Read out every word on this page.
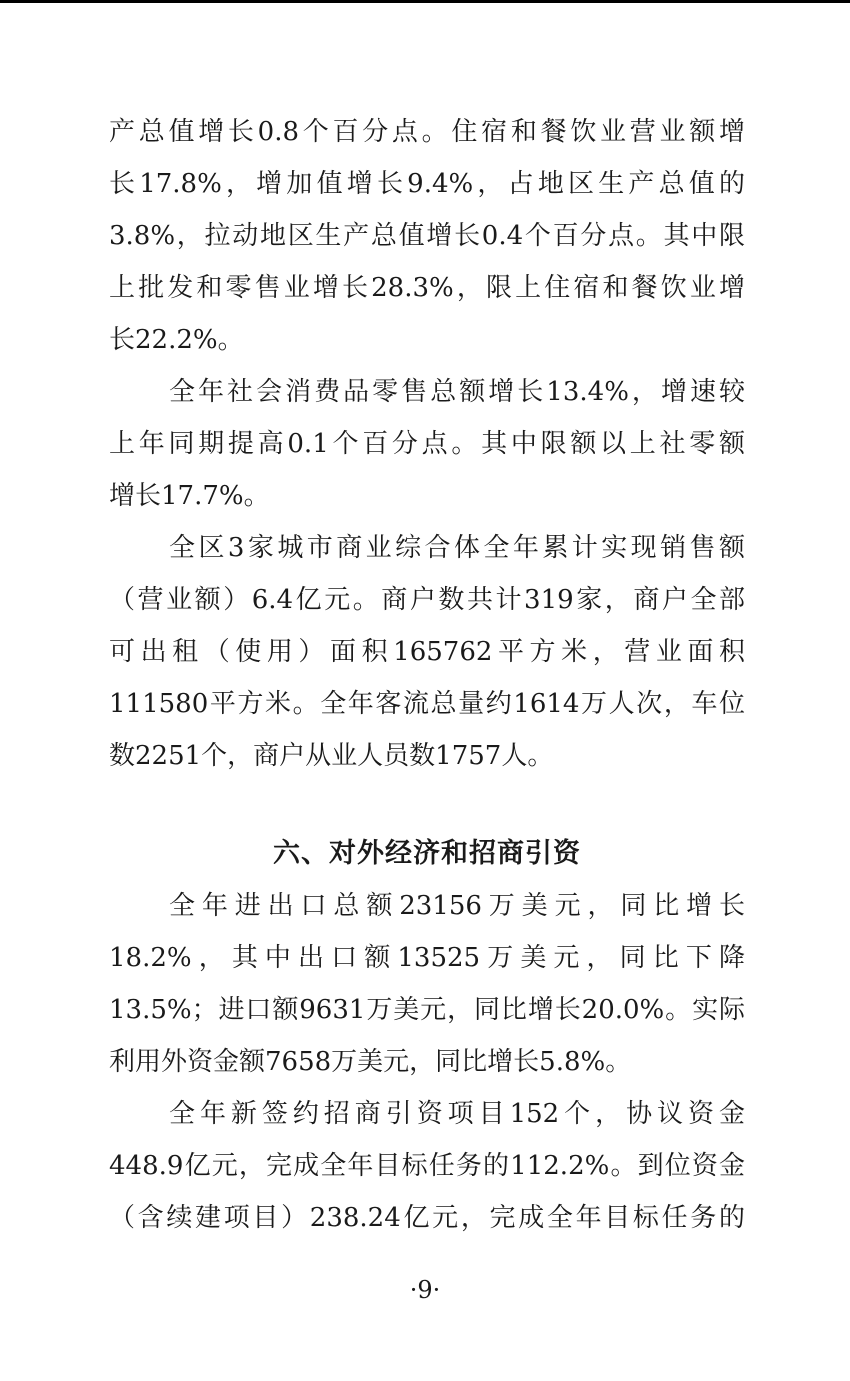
产总值增长0.8个百分点。住宿和餐饮业营业额增
长17.8%，增加值增长9.4%，占地区生产总值的
3.8%，拉动地区生产总值增长0.4个百分点。其中限
上批发和零售业增长28.3%，限上住宿和餐饮业增
长22.2%。
全年社会消费品零售总额增长13.4%，增速较
上年同期提高0.1个百分点。其中限额以上社零额
增长17.7%。
全区3家城市商业综合体全年累计实现销售额
（营业额）6.4亿元。商户数共计319家，商户全部
可出租（使用）面积165762平方米，营业面积
111580平方米。全年客流总量约1614万人次，车位
数2251个，商户从业人员数1757人。
六、对外经济和招商引资
全年进出口总额23156万美元，同比增长
18.2%，其中出口额13525万美元，同比下降
13.5%；进口额9631万美元，同比增长20.0%。实际
利用外资金额7658万美元，同比增长5.8%。
全年新签约招商引资项目152个，协议资金
448.9亿元，完成全年目标任务的112.2%。到位资金
（含续建项目）238.24亿元，完成全年目标任务的
·9·
